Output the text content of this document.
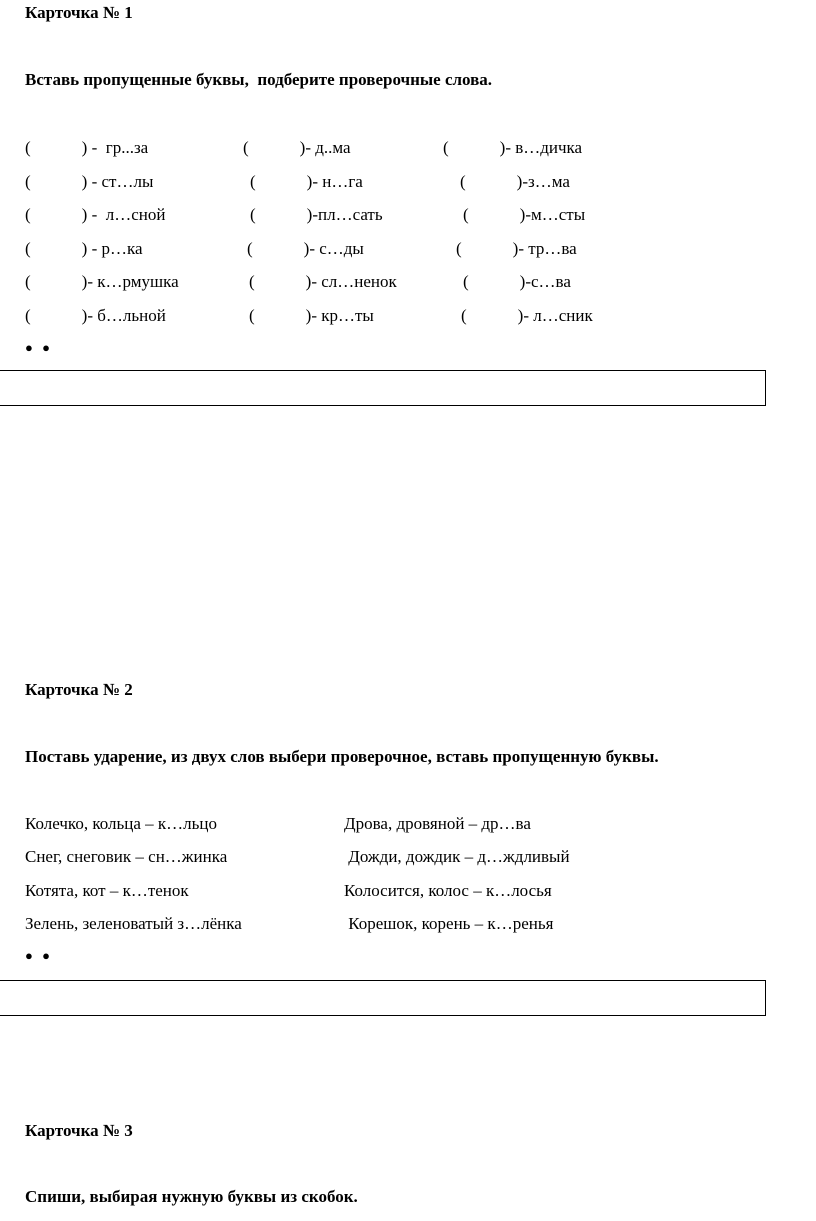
Карточка № 1
Вставь пропущенные буквы,  подберите проверочные слова.
(            ) -  гр...за	(            )- д..ма	(            )- в…дичка
(            ) - ст…лы	(            )- н…га	(            )-з…ма
(            ) -  л…сной	(            )-пл…сать	(            )-м…сты
(            ) - р…ка	(            )- с…ды	(            )- тр…ва
(            )- к…рмушка	(            )- сл…ненок	(            )-с…ва
(            )- б…льной	(            )- кр…ты	(            )- л…сник
● ●
Карточка № 2
Поставь ударение, из двух слов выбери проверочное, вставь пропущенную буквы.
Колечко, кольца – к…льцо	Дрова, дровяной – др…ва
Снег, снеговик – сн…жинка	Дожди, дождик – д…ждливый
Котята, кот – к…тенок	Колосится, колос – к…лосья
Зелень, зеленоватый з…лёнка	Корешок, корень – к…ренья
● ●
Карточка № 3
Спиши, выбирая нужную буквы из скобок.
